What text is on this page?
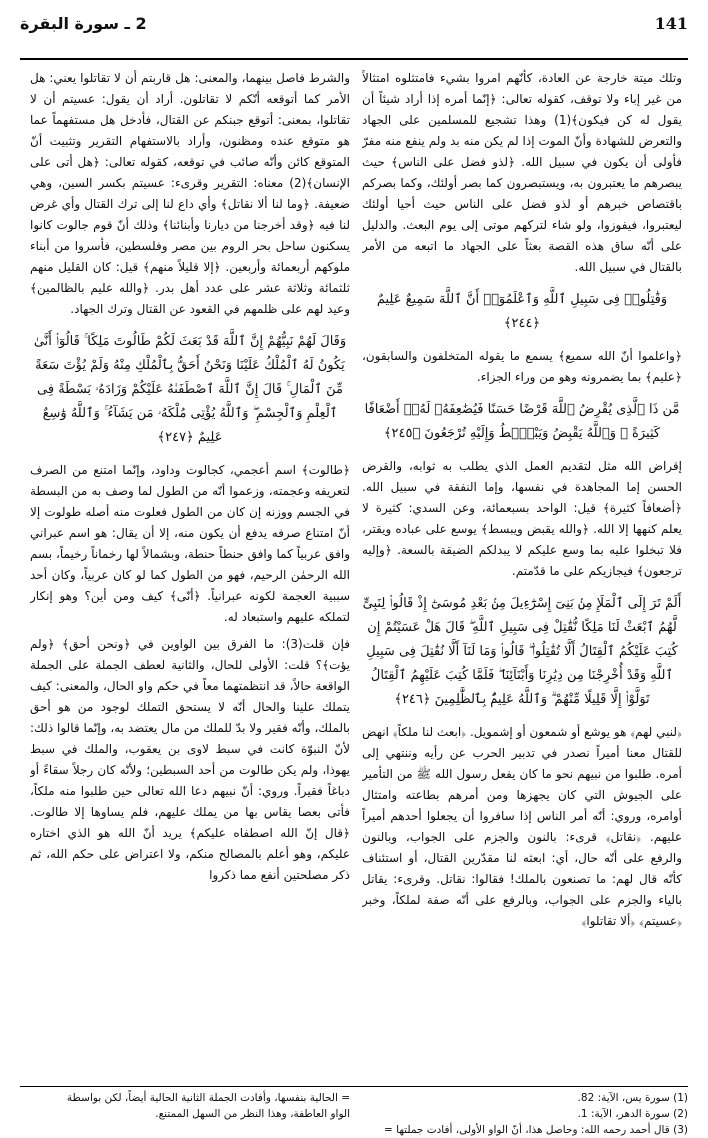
141
2 ـ سورة البقرة

وتلك ميتة خارجة عن العادة، كأنّهم امروا بشيء فامتثلوه امتثالاً من غير إباء ولا توقف، كقوله تعالى: ﴿إنّما أمره إذا أراد شيئاً أن يقول له كن فيكون﴾(1) وهذا تشجيع للمسلمين على الجهاد والتعرض للشهادة وأنّ الموت إذا لم يكن منه بد ولم ينفع منه مفرّ فأولى أن يكون في سبيل الله. ﴿لذو فضل على الناس﴾ حيث يبصرهم ما يعتبرون به، ويستبصرون كما بصر أولئك، وكما بصركم باقتصاص خبرهم أو لذو فضل على الناس حيث أحيا أولئك ليعتبروا، فيفوزوا، ولو شاء لتركهم موتى إلى يوم البعث. والدليل على أنّه ساق هذه القصة بعثاً على الجهاد ما اتبعه من الأمر بالقتال في سبيل الله.

وَقَٰتِلُوا۟ فِى سَبِيلِ ٱللَّهِ وَٱعْلَمُوٓا۟ أَنَّ ٱللَّهَ سَمِيعٌ عَلِيمٌ ﴿٢٤٤﴾

﴿واعلموا أنّ الله سميع﴾ يسمع ما يقوله المتخلفون والسابقون، ﴿عليم﴾ بما يضمرونه وهو من وراء الجزاء.

مَّن ذَا ٱلَّذِى يُقْرِضُ ٱللَّهَ قَرْضًا حَسَنًا فَيُضَٰعِفَهُۥ لَهُۥٓ أَضْعَافًا كَثِيرَةً ۚ وَٱللَّهُ يَقْبِضُ وَيَبْصُۜطُ وَإِلَيْهِ تُرْجَعُونَ ﴿٢٤٥﴾

إقراض الله مثل لتقديم العمل الذي يطلب به ثوابه، والقرض الحسن إما المجاهدة في نفسها، وإما النفقة في سبيل الله. ﴿أضعافاً كثيرة﴾ قيل: الواحد بسبعمائة، وعن السدي: كثيرة لا يعلم كنهها إلا الله. ﴿والله يقبض ويبسط﴾ يوسع على عباده ويقتر، فلا تبخلوا عليه بما وسع عليكم لا يبدلكم الضيقة بالسعة. ﴿وإليه ترجعون﴾ فيجازيكم على ما قدّمتم.

أَلَمْ تَرَ إِلَى ٱلْمَلَإِ مِنۢ بَنِىٓ إِسْرَٰٓءِيلَ مِنۢ بَعْدِ مُوسَىٰٓ إِذْ قَالُوا۟ لِنَبِىٍّ لَّهُمُ ٱبْعَثْ لَنَا مَلِكًا نُّقَٰتِلْ فِى سَبِيلِ ٱللَّهِ ۖ قَالَ هَلْ عَسَيْتُمْ إِن كُتِبَ عَلَيْكُمُ ٱلْقِتَالُ أَلَّا تُقَٰتِلُوا۟ ۖ قَالُوا۟ وَمَا لَنَآ أَلَّا نُقَٰتِلَ فِى سَبِيلِ ٱللَّهِ وَقَدْ أُخْرِجْنَا مِن دِيَٰرِنَا وَأَبْنَآئِنَا ۖ فَلَمَّا كُتِبَ عَلَيْهِمُ ٱلْقِتَالُ تَوَلَّوْا۟ إِلَّا قَلِيلًا مِّنْهُمْ ۗ وَٱللَّهُ عَلِيمٌۢ بِٱلظَّٰلِمِينَ ﴿٢٤٦﴾

﴿لنبي لهم﴾ هو يوشع أو شمعون أو إشمويل. ﴿ابعث لنا ملكاً﴾ انهض للقتال معنا أميراً نصدر في تدبير الحرب عن رأيه وننتهي إلى أمره. طلبوا من نبيهم نحو ما كان يفعل رسول الله ﷺ من التأمير على الجيوش التي كان يجهزها ومن أمرهم بطاعته وامتثال أوامره، وروي: أنّه أمر الناس إذا سافروا أن يجعلوا أحدهم أميراً عليهم. ﴿نقاتل﴾ قرىء: بالنون والجزم على الجواب، وبالنون والرفع على أنّه حال، أي: ابعثه لنا مقدّرين القتال، أو استئناف كأنّه قال لهم: ما تصنعون بالملك! فقالوا: نقاتل. وقرىء: يقاتل بالياء والجزم على الجواب، وبالرفع على أنّه صفة لملكاً، وخبر ﴿عسيتم﴾ ﴿ألا تقاتلوا﴾

والشرط فاصل بينهما، والمعنى: هل قاربتم أن لا تقاتلوا يعني: هل الأمر كما أتوقعه أنّكم لا تقاتلون. أراد أن يقول: عسيتم أن لا تقاتلوا، بمعنى: أتوقع جبنكم عن القتال، فأدخل هل مستفهماً عما هو متوقع عنده ومظنون، وأراد بالاستفهام التقرير وتثبيت أنّ المتوقع كائن وأنّه صائب في توقعه، كقوله تعالى: ﴿هل أتى على الإنسان﴾(2) معناه: التقرير وقرىء: عسيتم بكسر السين، وهي ضعيفة. ﴿وما لنا ألا نقاتل﴾ وأي داع لنا إلى ترك القتال وأي غرض لنا فيه ﴿وقد أخرجنا من ديارنا وأبنائنا﴾ وذلك أنّ قوم جالوت كانوا يسكنون ساحل بحر الروم بين مصر وفلسطين، فأسروا من أبناء ملوكهم أربعمائة وأربعين. ﴿إلا قليلاً منهم﴾ قيل: كان القليل منهم ثلثمائة وثلاثة عشر على عدد أهل بدر. ﴿والله عليم بالظالمين﴾ وعيد لهم على ظلمهم في القعود عن القتال وترك الجهاد.

وَقَالَ لَهُمْ نَبِيُّهُمْ إِنَّ ٱللَّهَ قَدْ بَعَثَ لَكُمْ طَالُوتَ مَلِكًا ۚ قَالُوٓا۟ أَنَّىٰ يَكُونُ لَهُ ٱلْمُلْكُ عَلَيْنَا وَنَحْنُ أَحَقُّ بِٱلْمُلْكِ مِنْهُ وَلَمْ يُؤْتَ سَعَةً مِّنَ ٱلْمَالِ ۚ قَالَ إِنَّ ٱللَّهَ ٱصْطَفَىٰهُ عَلَيْكُمْ وَزَادَهُۥ بَسْطَةً فِى ٱلْعِلْمِ وَٱلْجِسْمِ ۖ وَٱللَّهُ يُؤْتِى مُلْكَهُۥ مَن يَشَآءُ ۚ وَٱللَّهُ وَٰسِعٌ عَلِيمٌ ﴿٢٤٧﴾

﴿طالوت﴾ اسم أعجمي، كجالوت وداود، وإنّما امتنع من الصرف لتعريفه وعجمته، وزعموا أنّه من الطول لما وصف به من البسطة في الجسم ووزنه إن كان من الطول فعلوت منه أصله طولوت إلا أنّ امتناع صرفه يدفع أن يكون منه، إلا أن يقال: هو اسم عبراني وافق عربياً كما وافق حنطاً حنطة، وبشمالاً لها رخماناً رخيماً، بسم الله الرحمٰن الرحيم، فهو من الطول كما لو كان عربياً، وكان أحد سببية العجمة لكونه عبرانياً. ﴿أنّى﴾ كيف ومن أين؟ وهو إنكار لتملكه عليهم واستبعاد له.

فإن قلت(3): ما الفرق بين الواوين في ﴿ونحن أحق﴾ ﴿ولم يؤت﴾؟ قلت: الأولى للحال، والثانية لعطف الجملة على الجملة الواقعة حالاً، قد انتظمتهما معاً في حكم واو الحال، والمعنى: كيف يتملك علينا والحال أنّه لا يستحق التملك لوجود من هو أحق بالملك، وأنّه فقير ولا بدّ للملك من مال يعتضد به، وإنّما قالوا ذلك: لأنّ النبوّة كانت في سبط لاوى بن يعقوب، والملك في سبط يهوذا، ولم يكن طالوت من أحد السبطين؛ ولأنّه كان رجلاً سقاءً أو دباغاً فقيراً. وروي: أنّ نبيهم دعا الله تعالى حين طلبوا منه ملكاً، فأتى بعصا يقاس بها من يملك عليهم، فلم يساوها إلا طالوت. ﴿قال إنّ الله اصطفاه عليكم﴾ يريد أنّ الله هو الذي اختاره عليكم، وهو أعلم بالمصالح منكم، ولا اعتراض على حكم الله، ثم ذكر مصلحتين أنفع مما ذكروا

(1) سورة يس، الآية: 82.
(2) سورة الدهر، الآية: 1.
(3) قال أحمد رحمه الله: وحاصل هذا، أنّ الواو الأولى، أفادت جملتها =
= الحالية بنفسها، وأفادت الجملة الثانية الحالية أيضاً، لكن بواسطة
الواو العاطفة، وهذا النظر من السهل الممتنع.
